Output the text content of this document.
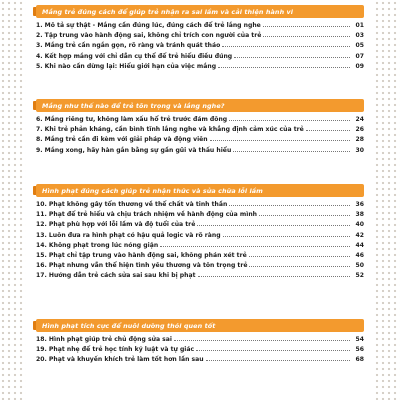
Mắng trẻ đúng cách để giúp trẻ nhận ra sai lầm và cải thiện hành vi
1. Mô tả sự thật - Mắng cần đúng lúc, đúng cách để trẻ lắng nghe	01
2. Tập trung vào hành động sai, không chỉ trích con người của trẻ	03
3. Mắng trẻ cần ngắn gọn, rõ ràng và tránh quát tháo	05
4. Kết hợp mắng với chỉ dẫn cụ thể để trẻ hiểu điều đúng	07
5. Khi nào cần dừng lại: Hiểu giới hạn của việc mắng	09
Mắng như thế nào để trẻ tôn trọng và lắng nghe?
6. Mắng riêng tư, không làm xấu hổ trẻ trước đám đông	24
7. Khi trẻ phản kháng, cần bình tĩnh lắng nghe và khẳng định cảm xúc của trẻ	26
8. Mắng trẻ cần đi kèm với giải pháp và động viên	28
9. Mắng xong, hãy hàn gắn bằng sự gần gũi và thấu hiểu	30
Hình phạt đúng cách giúp trẻ nhận thức và sửa chữa lỗi lầm
10. Phạt không gây tổn thương về thể chất và tinh thần	36
11. Phạt để trẻ hiểu và chịu trách nhiệm về hành động của mình	38
12. Phạt phù hợp với lỗi lầm và độ tuổi của trẻ	40
13. Luôn đưa ra hình phạt có hậu quả logic và rõ ràng	42
14. Không phạt trong lúc nóng giận	44
15. Phạt chỉ tập trung vào hành động sai, không phán xét trẻ	46
16. Phạt nhưng vẫn thể hiện tình yêu thương và tôn trọng trẻ	50
17. Hướng dẫn trẻ cách sửa sai sau khi bị phạt	52
Hình phạt tích cực để nuôi dưỡng thói quen tốt
18. Hình phạt giúp trẻ chủ động sửa sai	54
19. Phạt nhẹ để trẻ học tính kỷ luật và tự giác	56
20. Phạt và khuyến khích trẻ làm tốt hơn lần sau	68
